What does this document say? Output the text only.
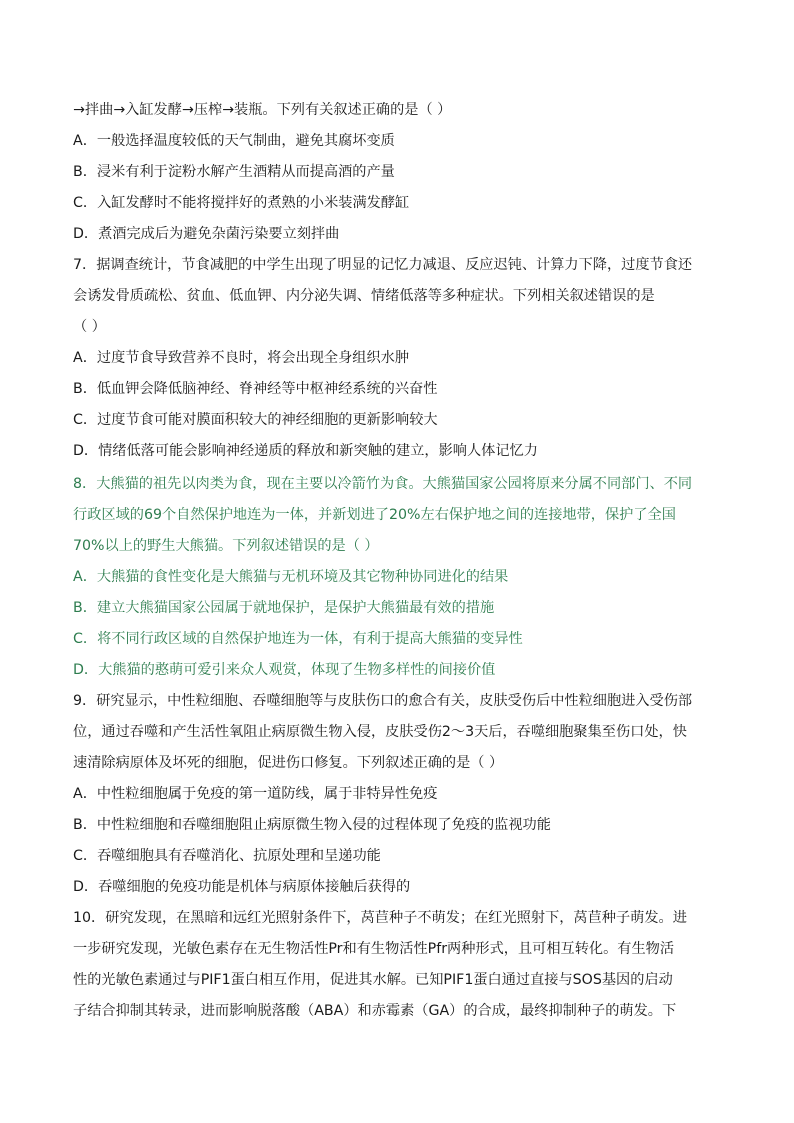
→拌曲→入缸发酵→压榨→装瓶。下列有关叙述正确的是（ ）
A．一般选择温度较低的天气制曲，避免其腐坏变质
B．浸米有利于淀粉水解产生酒精从而提高酒的产量
C．入缸发酵时不能将搅拌好的煮熟的小米装满发酵缸
D．煮酒完成后为避免杂菌污染要立刻拌曲
7．据调查统计，节食减肥的中学生出现了明显的记忆力减退、反应迟钝、计算力下降，过度节食还
会诱发骨质疏松、贫血、低血钾、内分泌失调、情绪低落等多种症状。下列相关叙述错误的是
（ ）
A．过度节食导致营养不良时，将会出现全身组织水肿
B．低血钾会降低脑神经、脊神经等中枢神经系统的兴奋性
C．过度节食可能对膜面积较大的神经细胞的更新影响较大
D．情绪低落可能会影响神经递质的释放和新突触的建立，影响人体记忆力
8．大熊猫的祖先以肉类为食，现在主要以冷箭竹为食。大熊猫国家公园将原来分属不同部门、不同
行政区域的69个自然保护地连为一体，并新划进了20%左右保护地之间的连接地带，保护了全国
70%以上的野生大熊猫。下列叙述错误的是（ ）
A．大熊猫的食性变化是大熊猫与无机环境及其它物种协同进化的结果
B．建立大熊猫国家公园属于就地保护，是保护大熊猫最有效的措施
C．将不同行政区域的自然保护地连为一体，有利于提高大熊猫的变异性
D．大熊猫的憨萌可爱引来众人观赏，体现了生物多样性的间接价值
9．研究显示，中性粒细胞、吞噬细胞等与皮肤伤口的愈合有关，皮肤受伤后中性粒细胞进入受伤部
位，通过吞噬和产生活性氧阻止病原微生物入侵，皮肤受伤2～3天后，吞噬细胞聚集至伤口处，快
速清除病原体及坏死的细胞，促进伤口修复。下列叙述正确的是（ ）
A．中性粒细胞属于免疫的第一道防线，属于非特异性免疫
B．中性粒细胞和吞噬细胞阻止病原微生物入侵的过程体现了免疫的监视功能
C．吞噬细胞具有吞噬消化、抗原处理和呈递功能
D．吞噬细胞的免疫功能是机体与病原体接触后获得的
10．研究发现，在黑暗和远红光照射条件下，莴苣种子不萌发；在红光照射下，莴苣种子萌发。进
一步研究发现，光敏色素存在无生物活性Pr和有生物活性Pfr两种形式，且可相互转化。有生物活
性的光敏色素通过与PIF1蛋白相互作用，促进其水解。已知PIF1蛋白通过直接与SOS基因的启动
子结合抑制其转录，进而影响脱落酸（ABA）和赤霉素（GA）的合成，最终抑制种子的萌发。下
